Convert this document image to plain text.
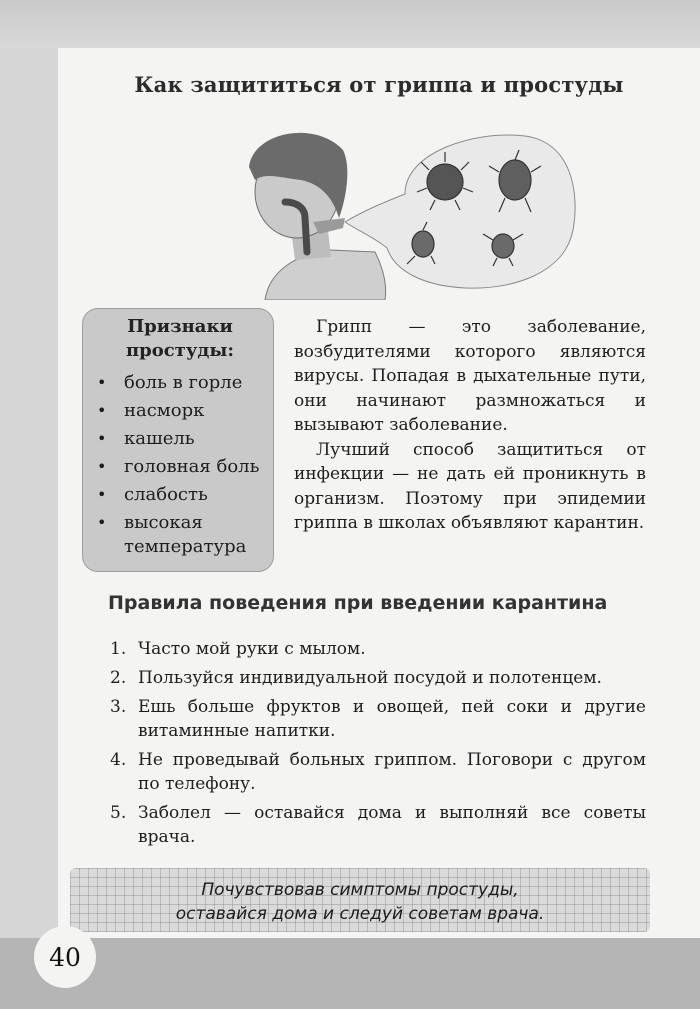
Как защититься от гриппа и простуды
Признаки
простуды:
• боль в горле
• насморк
• кашель
• головная боль
• слабость
• высокая температура

Грипп — это заболевание, возбудителями которого являются вирусы. Попадая в дыхательные пути, они начинают размножаться и вызывают заболевание.

Лучший способ защититься от инфекции — не дать ей проникнуть в организм. Поэтому при эпидемии гриппа в школах объявляют карантин.

Правила поведения при введении карантина
1. Часто мой руки с мылом.
2. Пользуйся индивидуальной посудой и полотенцем.
3. Ешь больше фруктов и овощей, пей соки и другие витаминные напитки.
4. Не проведывай больных гриппом. Поговори с другом по телефону.
5. Заболел — оставайся дома и выполняй все советы врача.
Почувствовав симптомы простуды,
оставайся дома и следуй советам врача.
40
